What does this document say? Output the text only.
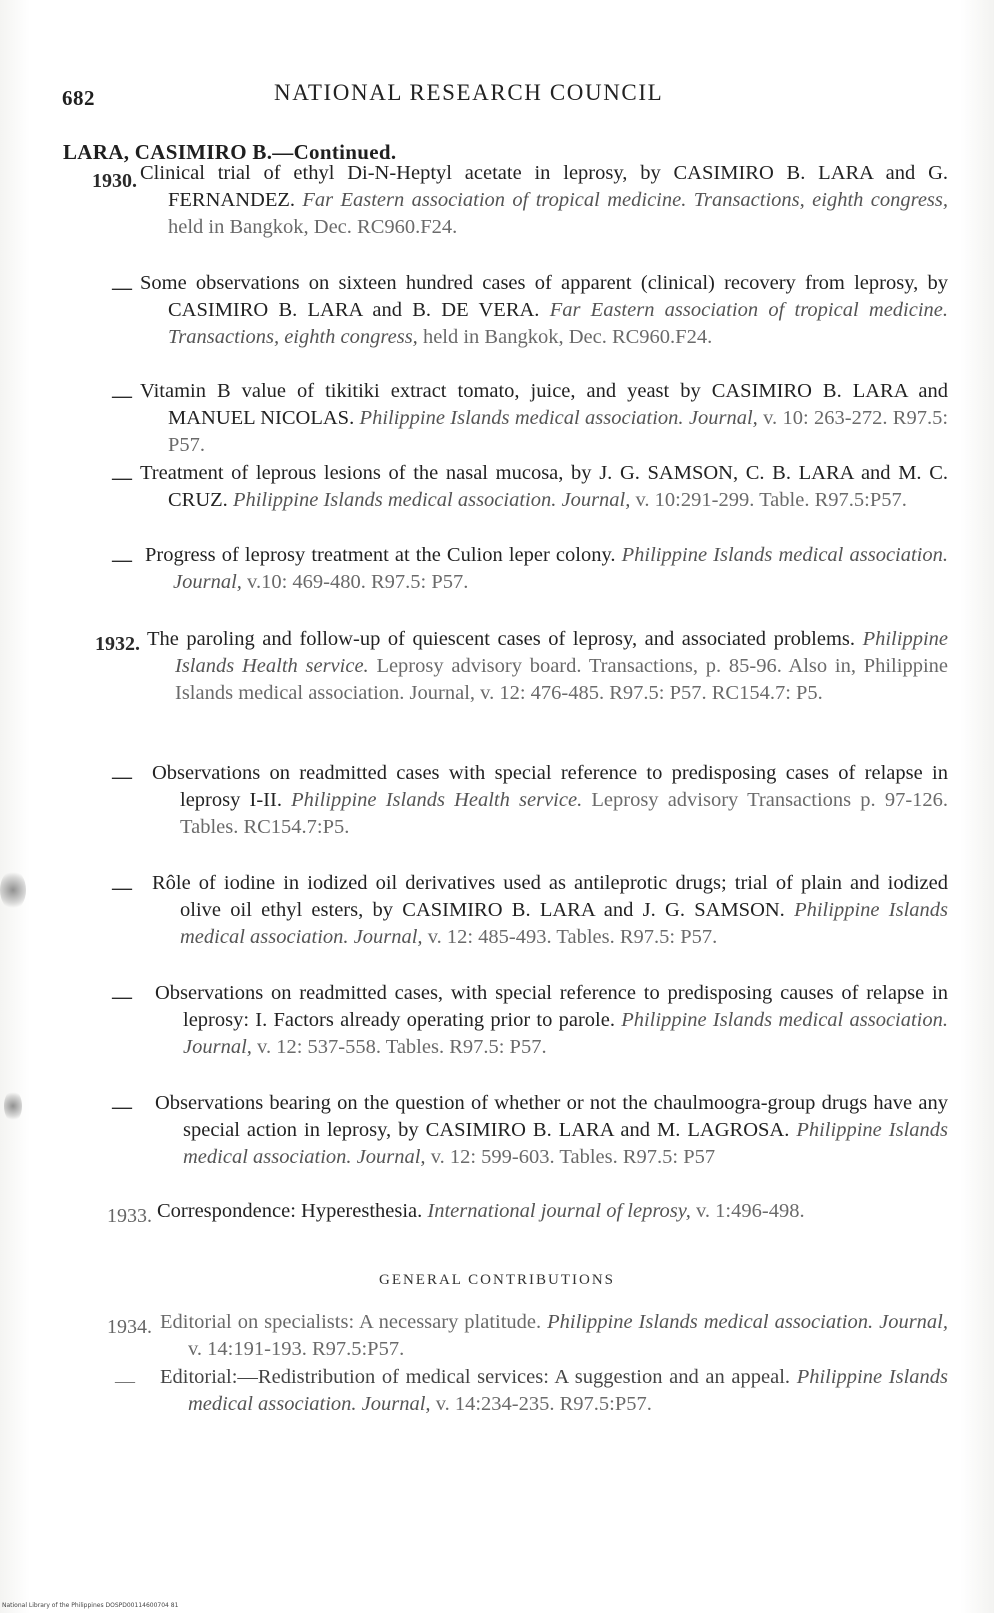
682	NATIONAL RESEARCH COUNCIL
LARA, CASIMIRO B.—Continued.
1930. Clinical trial of ethyl Di-N-Heptyl acetate in leprosy, by CASIMIRO B. LARA and G. FERNANDEZ. Far Eastern association of tropical medicine. Transactions, eighth congress, held in Bangkok, Dec. RC960.F24.
— Some observations on sixteen hundred cases of apparent (clinical) recovery from leprosy, by CASIMIRO B. LARA and B. DE VERA. Far Eastern association of tropical medicine. Transactions, eighth congress, held in Bangkok, Dec. RC960.F24.
— Vitamin B value of tikitiki extract tomato, juice, and yeast by CASIMIRO B. LARA and MANUEL NICOLAS. Philippine Islands medical association. Journal, v. 10: 263-272. R97.5: P57.
— Treatment of leprous lesions of the nasal mucosa, by J. G. SAMSON, C. B. LARA and M. C. CRUZ. Philippine Islands medical association. Journal, v. 10:291-299. Table. R97.5:P57.
— Progress of leprosy treatment at the Culion leper colony. Philippine Islands medical association. Journal, v.10: 469-480. R97.5: P57.
1932. The paroling and follow-up of quiescent cases of leprosy, and associated problems. Philippine Islands Health service. Leprosy advisory board. Transactions, p. 85-96. Also in, Philippine Islands medical association. Journal, v. 12: 476-485. R97.5: P57. RC154.7: P5.
— Observations on readmitted cases with special reference to predisposing cases of relapse in leprosy I-II. Philippine Islands Health service. Leprosy advisory Transactions p. 97-126. Tables. RC154.7:P5.
— Rôle of iodine in iodized oil derivatives used as antileprotic drugs; trial of plain and iodized olive oil ethyl esters, by CASIMIRO B. LARA and J. G. SAMSON. Philippine Islands medical association. Journal, v. 12: 485-493. Tables. R97.5: P57.
— Observations on readmitted cases, with special reference to predisposing causes of relapse in leprosy: I. Factors already operating prior to parole. Philippine Islands medical association. Journal, v. 12: 537-558. Tables. R97.5: P57.
— Observations bearing on the question of whether or not the chaulmoogra-group drugs have any special action in leprosy, by CASIMIRO B. LARA and M. LAGROSA. Philippine Islands medical association. Journal, v. 12: 599-603. Tables. R97.5: P57
1933. Correspondence: Hyperesthesia. International journal of leprosy, v. 1:496-498.
GENERAL CONTRIBUTIONS
1934. Editorial on specialists: A necessary platitude. Philippine Islands medical association. Journal, v. 14:191-193. R97.5:P57.
— Editorial:—Redistribution of medical services: A suggestion and an appeal. Philippine Islands medical association. Journal, v. 14:234-235. R97.5:P57.
National Library of the Philippines DOSPD00114600704 81
